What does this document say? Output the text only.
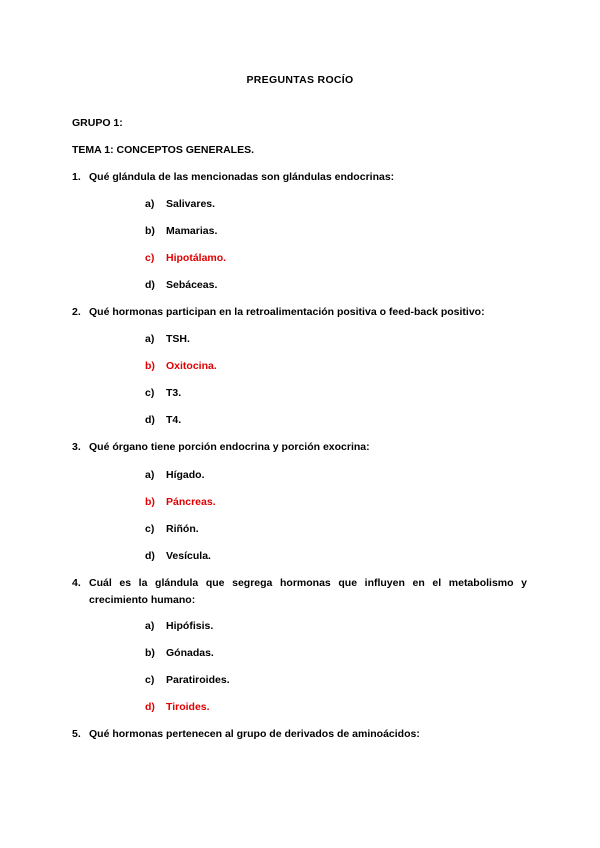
PREGUNTAS ROCÍO
GRUPO 1:
TEMA 1: CONCEPTOS GENERALES.
1. Qué glándula de las mencionadas son glándulas endocrinas:
a) Salivares.
b) Mamarias.
c) Hipotálamo.
d) Sebáceas.
2. Qué hormonas participan en la retroalimentación positiva o feed-back positivo:
a) TSH.
b) Oxitocina.
c) T3.
d) T4.
3. Qué órgano tiene porción endocrina y porción exocrina:
a) Hígado.
b) Páncreas.
c) Riñón.
d) Vesícula.
4. Cuál es la glándula que segrega hormonas que influyen en el metabolismo y
crecimiento humano:
a) Hipófisis.
b) Gónadas.
c) Paratiroides.
d) Tiroides.
5. Qué hormonas pertenecen al grupo de derivados de aminoácidos:
